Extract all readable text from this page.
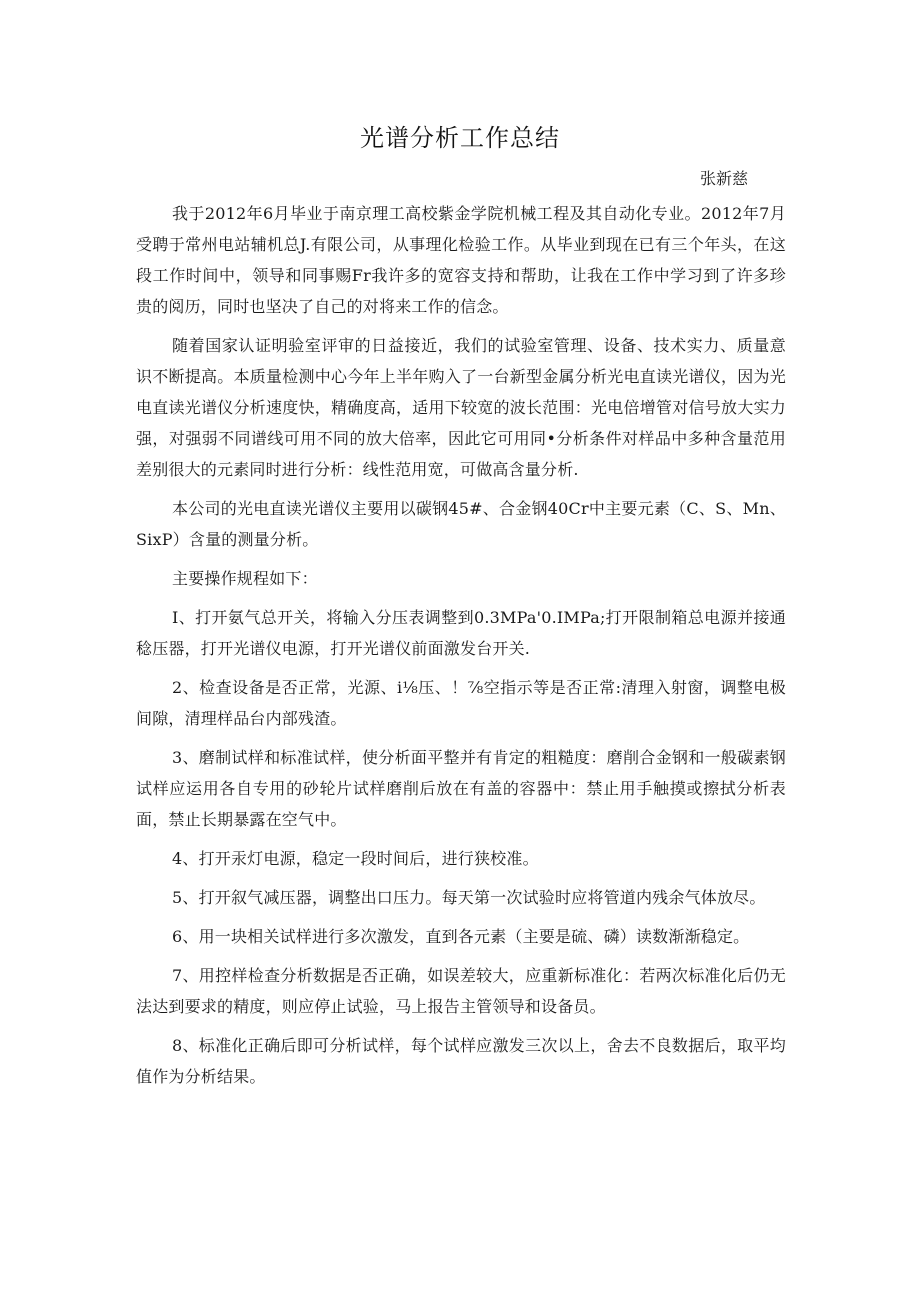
光谱分析工作总结
张新慈

我于2012年6月毕业于南京理工高校紫金学院机械工程及其自动化专业。2012年7月受聘于常州电站辅机总J.有限公司，从事理化检验工作。从毕业到现在已有三个年头，在这段工作时间中，领导和同事赐Fr我许多的宽容支持和帮助，让我在工作中学习到了许多珍贵的阅历，同时也坚决了自己的对将来工作的信念。

随着国家认证明验室评审的日益接近，我们的试验室管理、设备、技术实力、质量意识不断提高。本质量检测中心今年上半年购入了一台新型金属分析光电直读光谱仪，因为光电直读光谱仪分析速度快，精确度高，适用下较宽的波长范围：光电倍增管对信号放大实力强，对强弱不同谱线可用不同的放大倍率，因此它可用同•分析条件对样品中多种含量范用差别很大的元素同时进行分析：线性范用宽，可做高含量分析.

本公司的光电直读光谱仪主要用以碳钢45#、合金钢40Cr中主要元素（C、S、Mn、SixP）含量的测量分析。

主要操作规程如下：

I、打开氨气总开关，将输入分压表调整到0.3MPa'0.IMPa;打开限制箱总电源并接通稔压器，打开光谱仪电源，打开光谱仪前面激发台开关.

2、检查设备是否正常，光源、i⅛压、！⅞空指示等是否正常:清理入射窗，调整电极间隙，清理样品台内部残渣。

3、磨制试样和标准试样，使分析面平整并有肯定的粗糙度：磨削合金钢和一般碳素钢试样应运用各自专用的砂轮片试样磨削后放在有盖的容器中：禁止用手触摸或擦拭分析表面，禁止长期暴露在空气中。

4、打开汞灯电源，稳定一段时间后，进行狭校准。

5、打开叙气减压器，调整出口压力。每天第一次试验时应将管道内残余气体放尽。

6、用一块相关试样进行多次激发，直到各元素（主要是硫、磷）读数渐渐稳定。

7、用控样检查分析数据是否正确，如误差较大，应重新标准化：若两次标准化后仍无法达到要求的精度，则应停止试验，马上报告主管领导和设备员。

8、标准化正确后即可分析试样，每个试样应激发三次以上，舍去不良数据后，取平均值作为分析结果。
